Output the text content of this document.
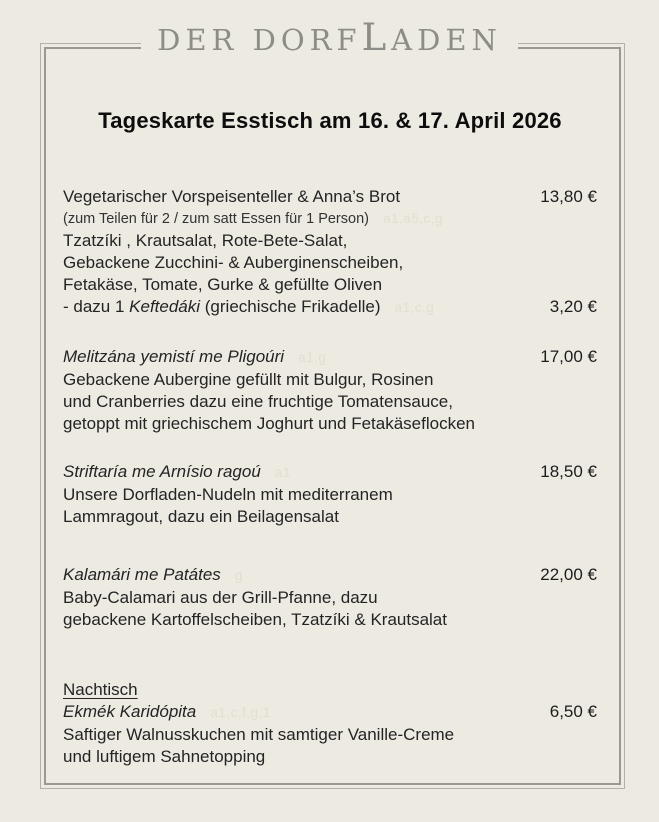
DER DORFLADEN
Tageskarte Esstisch am 16. & 17. April 2026
Vegetarischer Vorspeisenteller & Anna’s Brot	13,80 €
(zum Teilen für 2 / zum satt Essen für 1 Person) a1,a5,c,g
Tzatzíki , Krautsalat, Rote-Bete-Salat,
Gebackene Zucchini- & Auberginenscheiben,
Fetakäse, Tomate, Gurke & gefüllte Oliven
- dazu 1 Keftedáki (griechische Frikadelle) a1,c,g	3,20 €
Melitzána yemistí me Pligoúri a1,g	17,00 €
Gebackene Aubergine gefüllt mit Bulgur, Rosinen
und Cranberries dazu eine fruchtige Tomatensauce,
getoppt mit griechischem Joghurt und Fetakäseflocken
Striftaría me Arnísio ragoú a1	18,50 €
Unsere Dorfladen-Nudeln mit mediterranem
Lammragout, dazu ein Beilagensalat
Kalamári me Patátes g	22,00 €
Baby-Calamari aus der Grill-Pfanne, dazu
gebackene Kartoffelscheiben, Tzatzíki & Krautsalat
Nachtisch
Ekmék Karidópita a1,c,f,g,1	6,50 €
Saftiger Walnusskuchen mit samtiger Vanille-Creme
und luftigem Sahnetopping
